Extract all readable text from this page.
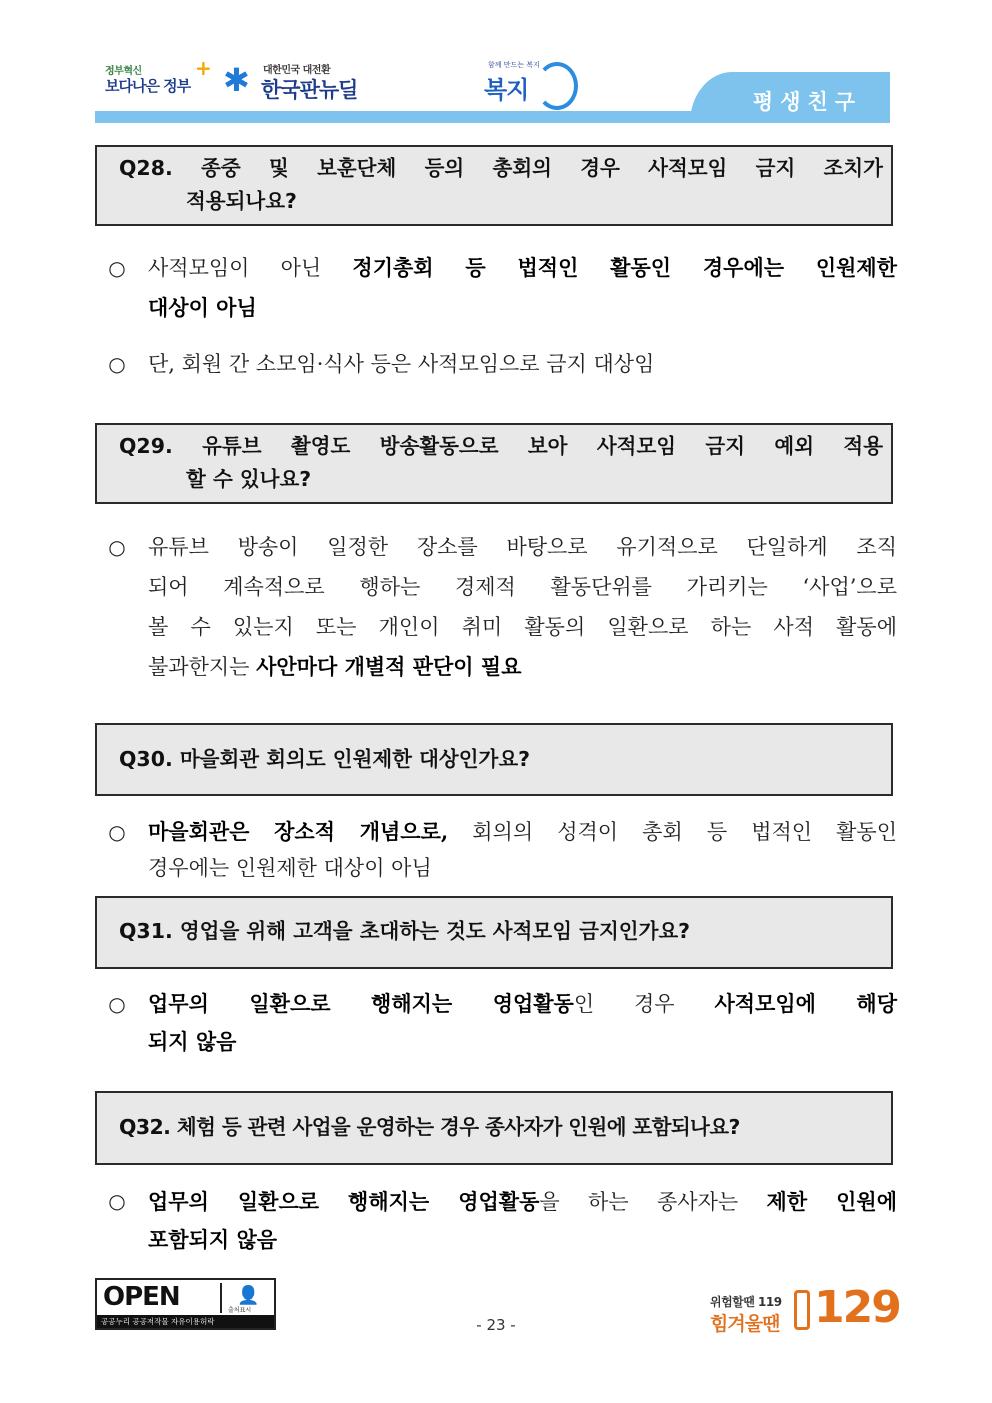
정부혁신
보다나은 정부
+ ✱ 대한민국 대전환
한국판뉴딜
함께 만드는 복지
복지	평생친구
Q28. 종중 및 보훈단체 등의 총회의 경우 사적모임 금지 조치가
적용되나요?
○	사적모임이 아닌 정기총회 등 법적인 활동인 경우에는 인원제한
대상이 아님
○	단, 회원 간 소모임·식사 등은 사적모임으로 금지 대상임
Q29. 유튜브 촬영도 방송활동으로 보아 사적모임 금지 예외 적용
할 수 있나요?
○	유튜브 방송이 일정한 장소를 바탕으로 유기적으로 단일하게 조직
되어 계속적으로 행하는 경제적 활동단위를 가리키는 ‘사업’으로
볼 수 있는지 또는 개인이 취미 활동의 일환으로 하는 사적 활동에
불과한지는 사안마다 개별적 판단이 필요
Q30. 마을회관 회의도 인원제한 대상인가요?
○	마을회관은 장소적 개념으로, 회의의 성격이 총회 등 법적인 활동인
경우에는 인원제한 대상이 아님
Q31. 영업을 위해 고객을 초대하는 것도 사적모임 금지인가요?
○	업무의 일환으로 행해지는 영업활동인 경우 사적모임에 해당
되지 않음
Q32. 체험 등 관련 사업을 운영하는 경우 종사자가 인원에 포함되나요?
○	업무의 일환으로 행해지는 영업활동을 하는 종사자는 제한 인원에
포함되지 않음
OPEN	👤
출처표시
공공누리 공공저작물 자유이용허락	- 23 -
위험할땐 119
힘겨울땐 129
